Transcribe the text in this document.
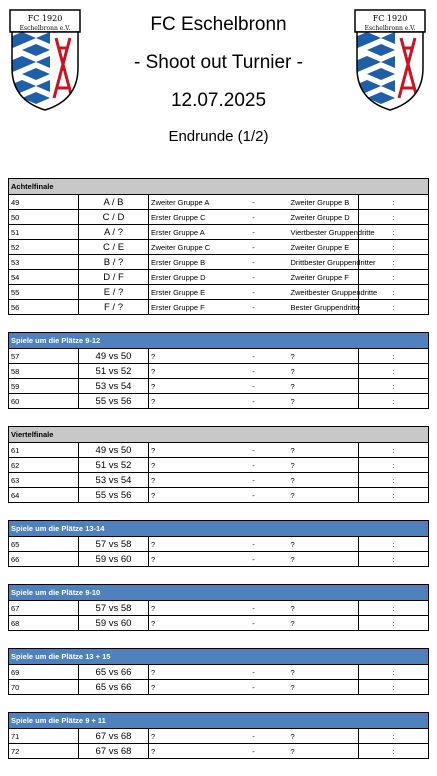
FC 1920
Eschelbronn e.V.	FC Eschelbronn
- Shoot out Turnier -
12.07.2025
Endrunde (1/2)
FC 1920
Eschelbronn e.V.
Achtelfinale					
49	A / B	Zweiter Gruppe A	-	Zweiter Gruppe B	:
50	C / D	Erster Gruppe C	-	Zweiter Gruppe D	:
51	A / ?	Erster Gruppe A	-	Viertbester Gruppendritte	:
52	C / E	Zweiter Gruppe C	-	Zweiter Gruppe E	:
53	B / ?	Erster Gruppe B	-	Drittbester Gruppendritter	:
54	D / F	Erster Gruppe D	-	Zweiter Gruppe F	:
55	E / ?	Erster Gruppe E	-	Zweitbester Gruppendritte	:
56	F / ?	Erster Gruppe F	-	Bester Gruppendritte	:
Spiele um die Plätze 9-12					
57	49 vs 50	?	-	?	:
58	51 vs 52	?	-	?	:
59	53 vs 54	?	-	?	:
60	55 vs 56	?	-	?	:
Viertelfinale					
61	49 vs 50	?	-	?	:
62	51 vs 52	?	-	?	:
63	53 vs 54	?	-	?	:
64	55 vs 56	?	-	?	:
Spiele um die Plätze 13-14					
65	57 vs 58	?	-	?	:
66	59 vs 60	?	-	?	:
Spiele um die Plätze 9-10					
67	57 vs 58	?	-	?	:
68	59 vs 60	?	-	?	:
Spiele um die Plätze 13 + 15					
69	65 vs 66	?	-	?	:
70	65 vs 66	?	-	?	:
Spiele um die Plätze 9 + 11					
71	67 vs 68	?	-	?	:
72	67 vs 68	?	-	?	:
